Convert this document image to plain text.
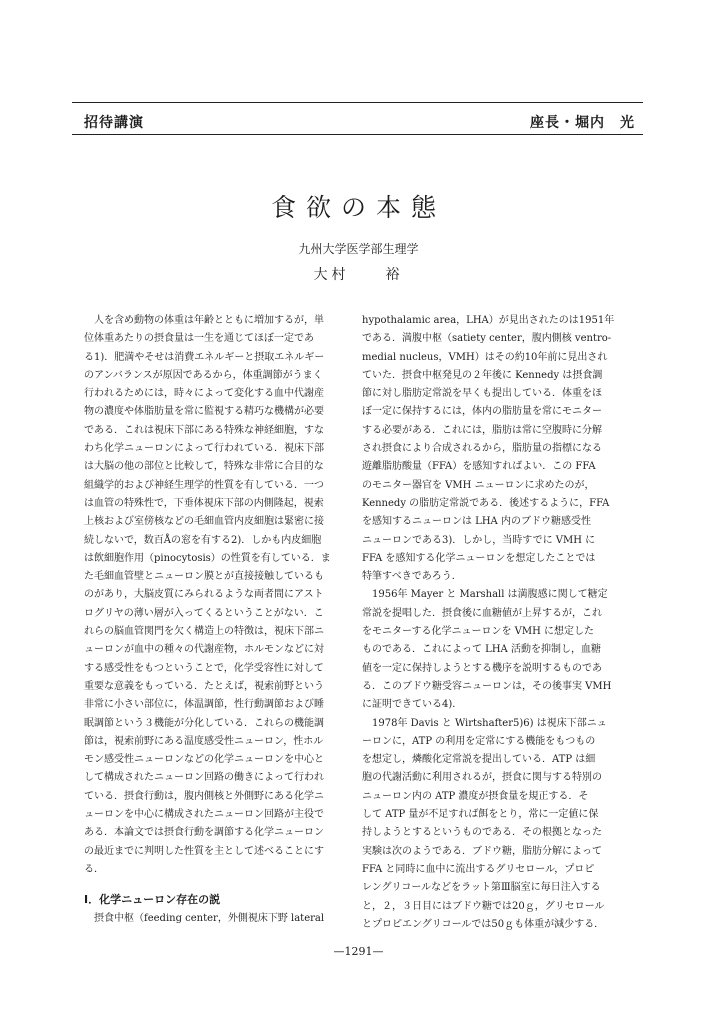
招待講演	座長・堀内　光
食欲の本態
九州大学医学部生理学
大村　　裕

　人を含め動物の体重は年齢とともに増加するが，単

位体重あたりの摂食量は一生を通じてほぼ一定であ

る1)．肥満やそせは消費エネルギーと摂取エネルギー

のアンバランスが原因であるから，体重調節がうまく

行われるためには，時々によって変化する血中代謝産

物の濃度や体脂肪量を常に監視する精巧な機構が必要

である．これは視床下部にある特殊な神経細胞，すな

わち化学ニューロンによって行われている．視床下部

は大脳の他の部位と比較して，特殊な非常に合目的な

組織学的および神経生理学的性質を有している．一つ

は血管の特殊性で，下垂体視床下部の内側隆起，視索

上核および室傍核などの毛細血管内皮細胞は緊密に接

続しないで，数百Åの窓を有する2)．しかも内皮細胞

は飲細胞作用（pinocytosis）の性質を有している．ま

た毛細血管壁とニューロン膜とが直接接触しているも

のがあり，大脳皮質にみられるような両者間にアスト

ログリヤの薄い層が入ってくるということがない．こ

れらの脳血管関門を欠く構造上の特徴は，視床下部ニ

ューロンが血中の種々の代謝産物，ホルモンなどに対

する感受性をもつということで，化学受容性に対して

重要な意義をもっている．たとえば，視索前野という

非常に小さい部位に，体温調節，性行動調節および睡

眠調節という３機能が分化している．これらの機能調

節は，視索前野にある温度感受性ニューロン，性ホル

モン感受性ニューロンなどの化学ニューロンを中心と

して構成されたニューロン回路の働きによって行われ

ている．摂食行動は，腹内側核と外側野にある化学ニ

ューロンを中心に構成されたニューロン回路が主役で

ある．本論文では摂食行動を調節する化学ニューロン

の最近までに判明した性質を主として述べることにす

る．

I．化学ニューロン存在の説

　摂食中枢（feeding center，外側視床下野 lateral

hypothalamic area，LHA）が見出されたのは1951年

である．満腹中枢（satiety center，腹内側核 ventro-

medial nucleus，VMH）はその約10年前に見出され

ていた．摂食中枢発見の２年後に Kennedy は摂食調

節に対し脂肪定常説を早くも提出している．体重をほ

ぼ一定に保持するには，体内の脂肪量を常にモニター

する必要がある．これには，脂肪は常に空腹時に分解

され摂食により合成されるから，脂肪量の指標になる

遊離脂肪酸量（FFA）を感知すればよい．この FFA

のモニター器官を VMH ニューロンに求めたのが，

Kennedy の脂肪定常説である．後述するように，FFA

を感知するニューロンは LHA 内のブドウ糖感受性

ニューロンである3)．しかし，当時すでに VMH に

FFA を感知する化学ニューロンを想定したことでは

特筆すべきであろう．

　1956年 Mayer と Marshall は満腹感に関して糖定

常説を提唱した．摂食後に血糖値が上昇するが，これ

をモニターする化学ニューロンを VMH に想定した

ものである．これによって LHA 活動を抑制し，血糖

値を一定に保持しようとする機序を説明するものであ

る．このブドウ糖受容ニューロンは，その後事実 VMH

に証明できている4)．

　1978年 Davis と Wirtshafter5)6) は視床下部ニュ

ーロンに，ATP の利用を定常にする機能をもつもの

を想定し，燐酸化定常説を提出している．ATP は細

胞の代謝活動に利用されるが，摂食に関与する特別の

ニューロン内の ATP 濃度が摂食量を規正する．そ

して ATP 量が不足すれば餌をとり，常に一定値に保

持しようとするというものである．その根拠となった

実験は次のようである．ブドウ糖，脂肪分解によって

FFA と同時に血中に流出するグリセロール，プロピ

レングリコールなどをラット第Ⅲ脳室に毎日注入する

と，２，３日目にはブドウ糖では20ｇ，グリセロール

とプロピエングリコールでは50ｇも体重が減少する．

—1291—
